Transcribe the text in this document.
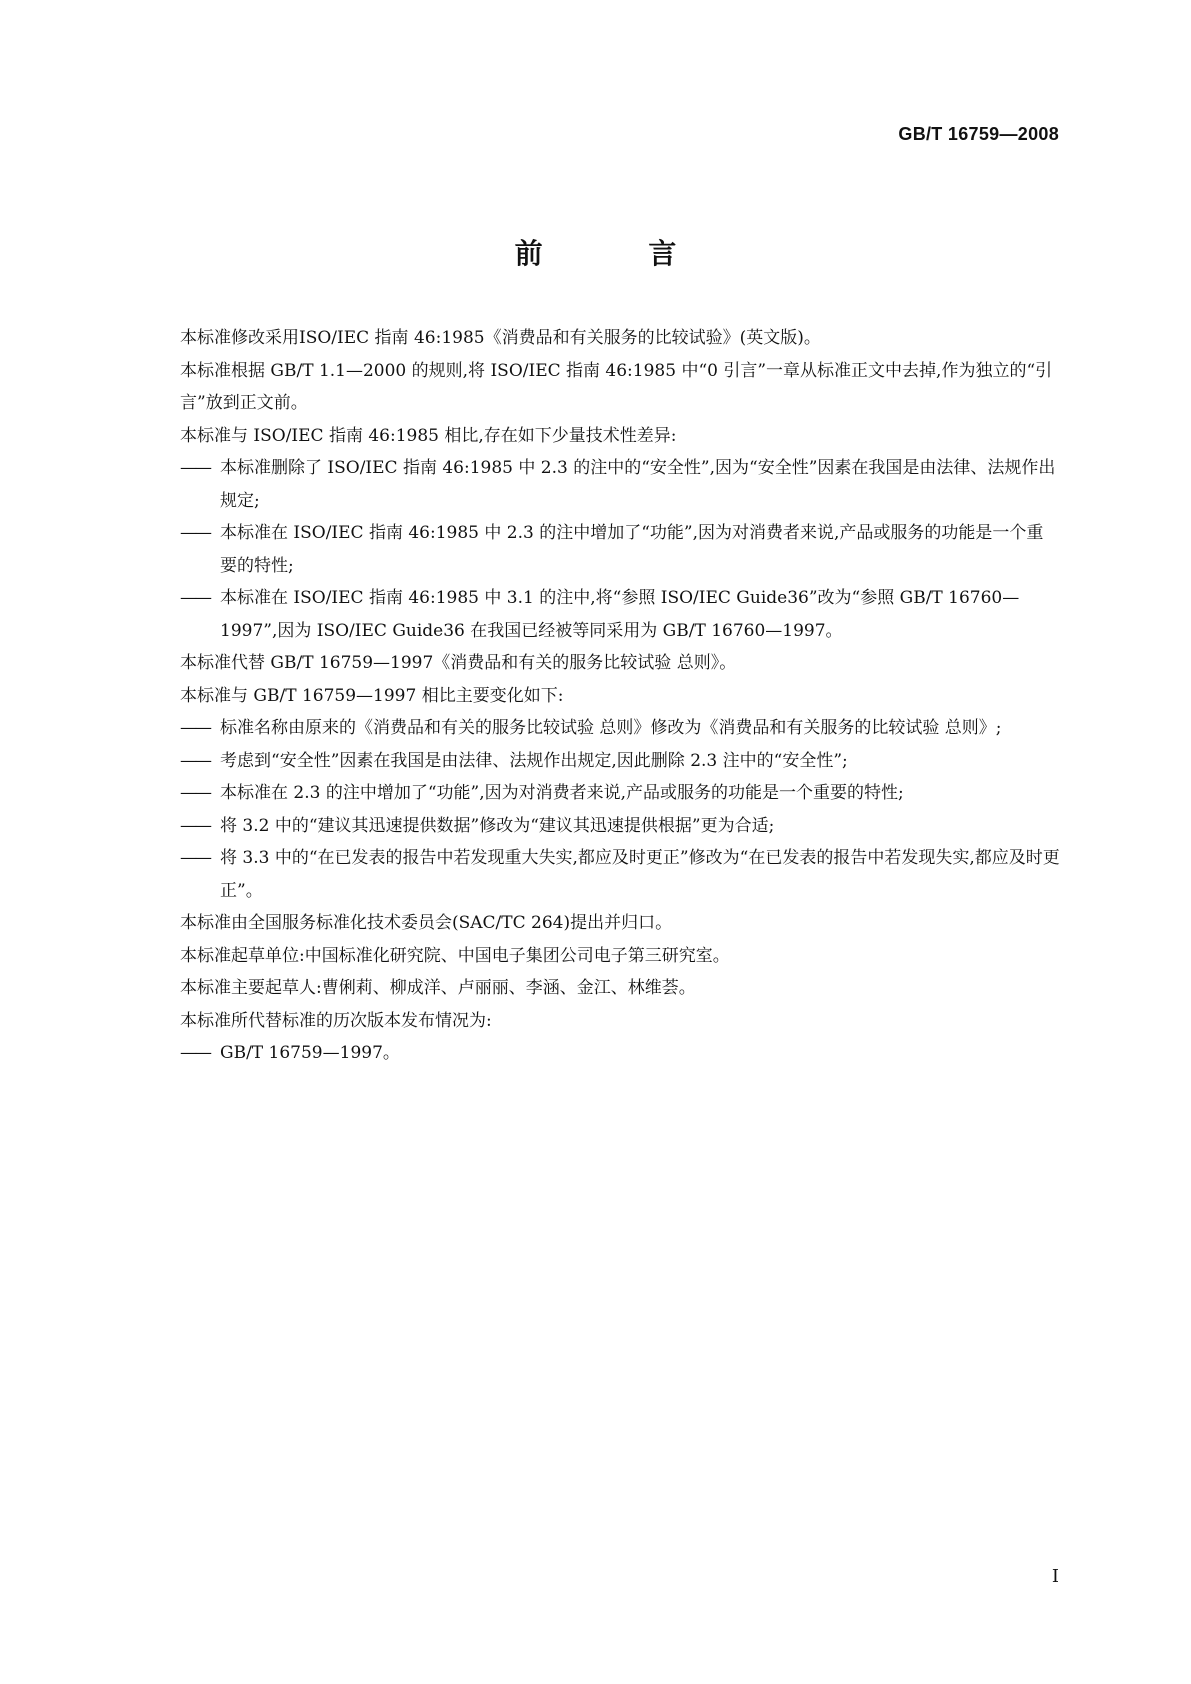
GB/T 16759—2008
前 言

本标准修改采用ISO/IEC 指南 46:1985《消费品和有关服务的比较试验》(英文版)。

本标准根据 GB/T 1.1—2000 的规则,将 ISO/IEC 指南 46:1985 中“0 引言”一章从标准正文中去掉,作为独立的“引言”放到正文前。

本标准与 ISO/IEC 指南 46:1985 相比,存在如下少量技术性差异:

—— 本标准删除了 ISO/IEC 指南 46:1985 中 2.3 的注中的“安全性”,因为“安全性”因素在我国是由法律、法规作出规定;

—— 本标准在 ISO/IEC 指南 46:1985 中 2.3 的注中增加了“功能”,因为对消费者来说,产品或服务的功能是一个重要的特性;

—— 本标准在 ISO/IEC 指南 46:1985 中 3.1 的注中,将“参照 ISO/IEC Guide36”改为“参照 GB/T 16760—1997”,因为 ISO/IEC Guide36 在我国已经被等同采用为 GB/T 16760—1997。

本标准代替 GB/T 16759—1997《消费品和有关的服务比较试验 总则》。

本标准与 GB/T 16759—1997 相比主要变化如下:

—— 标准名称由原来的《消费品和有关的服务比较试验 总则》修改为《消费品和有关服务的比较试验 总则》;

—— 考虑到“安全性”因素在我国是由法律、法规作出规定,因此删除 2.3 注中的“安全性”;

—— 本标准在 2.3 的注中增加了“功能”,因为对消费者来说,产品或服务的功能是一个重要的特性;

—— 将 3.2 中的“建议其迅速提供数据”修改为“建议其迅速提供根据”更为合适;

—— 将 3.3 中的“在已发表的报告中若发现重大失实,都应及时更正”修改为“在已发表的报告中若发现失实,都应及时更正”。

本标准由全国服务标准化技术委员会(SAC/TC 264)提出并归口。

本标准起草单位:中国标准化研究院、中国电子集团公司电子第三研究室。

本标准主要起草人:曹俐莉、柳成洋、卢丽丽、李涵、金江、林维荟。

本标准所代替标准的历次版本发布情况为:

—— GB/T 16759—1997。

I
